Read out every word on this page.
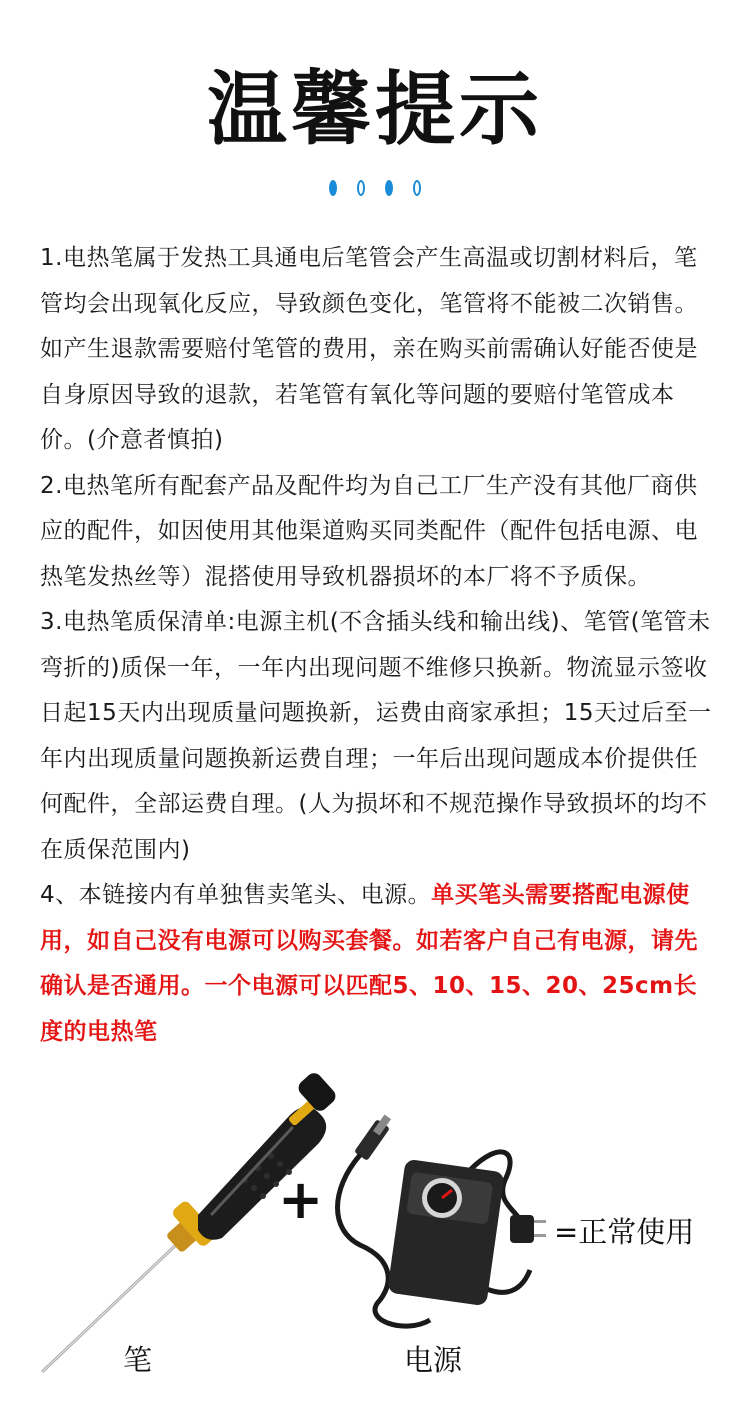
温馨提示

1.电热笔属于发热工具通电后笔管会产生高温或切割材料后，笔管均会出现氧化反应，导致颜色变化，笔管将不能被二次销售。如产生退款需要赔付笔管的费用，亲在购买前需确认好能否使是自身原因导致的退款，若笔管有氧化等问题的要赔付笔管成本价。(介意者慎拍)

2.电热笔所有配套产品及配件均为自己工厂生产没有其他厂商供应的配件，如因使用其他渠道购买同类配件（配件包括电源、电热笔发热丝等）混搭使用导致机器损坏的本厂将不予质保。

3.电热笔质保清单:电源主机(不含插头线和输出线)、笔管(笔管未弯折的)质保一年，一年内出现问题不维修只换新。物流显示签收日起15天内出现质量问题换新，运费由商家承担；15天过后至一年内出现质量问题换新运费自理；一年后出现问题成本价提供任何配件，全部运费自理。(人为损坏和不规范操作导致损坏的均不在质保范围内)

4、本链接内有单独售卖笔头、电源。单买笔头需要搭配电源使用，如自己没有电源可以购买套餐。如若客户自己有电源，请先确认是否通用。一个电源可以匹配5、10、15、20、25cm长度的电热笔

+
=正常使用
笔	电源
